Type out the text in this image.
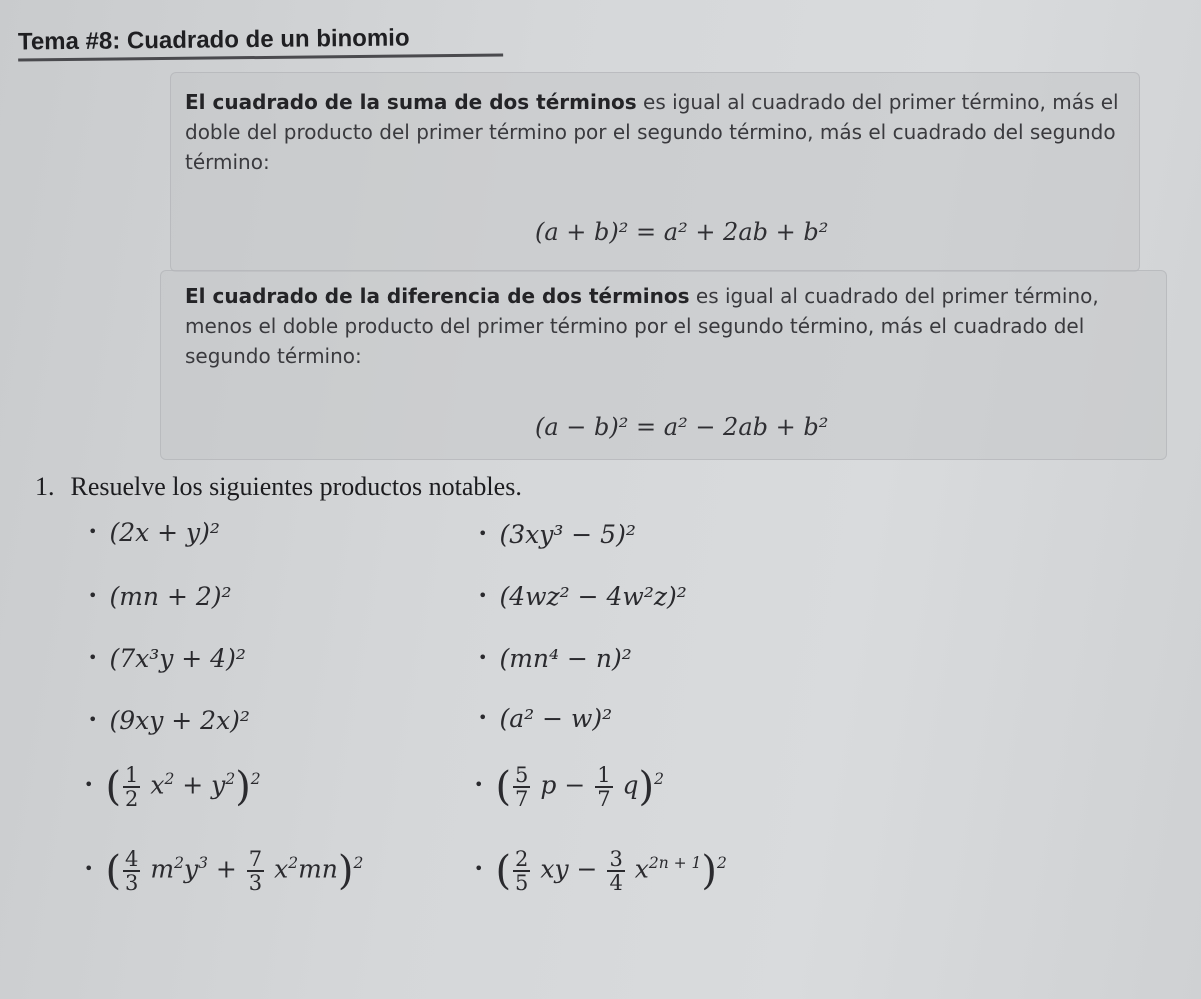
Tema #8: Cuadrado de un binomio

El cuadrado de la suma de dos términos es igual al cuadrado del primer término, más el doble del producto del primer término por el segundo término, más el cuadrado del segundo término:

(a + b)² = a² + 2ab + b²

El cuadrado de la diferencia de dos términos es igual al cuadrado del primer término, menos el doble producto del primer término por el segundo término, más el cuadrado del segundo término:

(a − b)² = a² − 2ab + b²
1. Resuelve los siguientes productos notables.
• (2x + y)²
• (mn + 2)²
• (7x³y + 4)²
• (9xy + 2x)²
• ( $\frac{1}{2} x^2 + y^2)^2$
• ( $\frac{4}{3} m^2y^3 + \frac{7}{3} x^2mn)^2$
• (3xy³ − 5)²
• (4wz² − 4w²z)²
• (mn⁴ − n)²
• (a² − w)²
• ( $\frac{5}{7}$ $p - \frac{1}{7} q)^2$
• ( $\frac{2}{5}$ xy − $\frac{3}{4} x^{2n + 1})^2$
